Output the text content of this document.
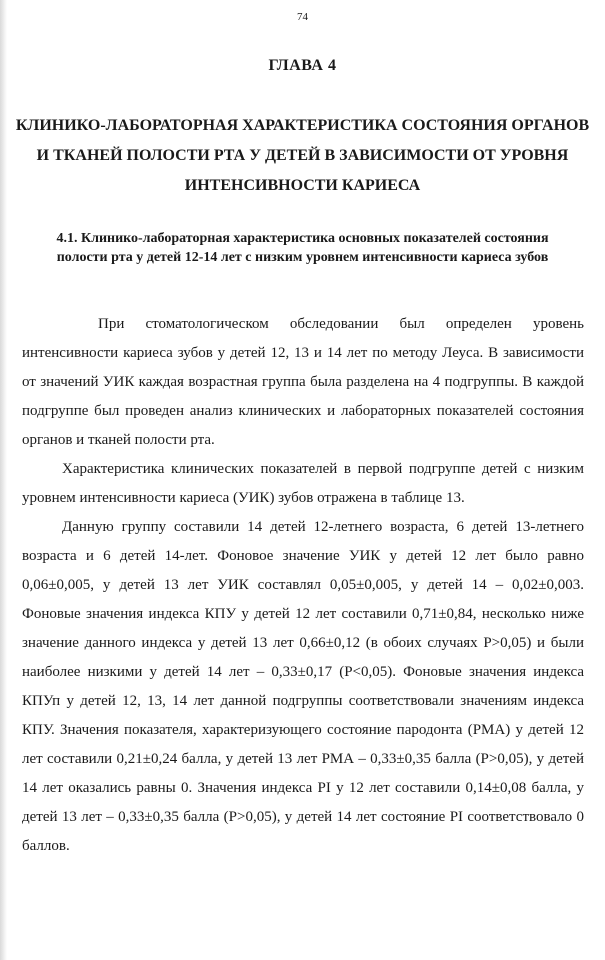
74
ГЛАВА 4
КЛИНИКО-ЛАБОРАТОРНАЯ ХАРАКТЕРИСТИКА СОСТОЯНИЯ ОРГАНОВ И ТКАНЕЙ ПОЛОСТИ РТА У ДЕТЕЙ В ЗАВИСИМОСТИ ОТ УРОВНЯ ИНТЕНСИВНОСТИ КАРИЕСА
4.1. Клинико-лабораторная характеристика основных показателей состояния полости рта у детей 12-14 лет с низким уровнем интенсивности кариеса зубов

При стоматологическом обследовании был определен уровень интенсивности кариеса зубов у детей 12, 13 и 14 лет по методу Леуса. В зависимости от значений УИК каждая возрастная группа была разделена на 4 подгруппы. В каждой подгруппе был проведен анализ клинических и лабораторных показателей состояния органов и тканей полости рта.

Характеристика клинических показателей в первой подгруппе детей с низким уровнем интенсивности кариеса (УИК) зубов отражена в таблице 13.

Данную группу составили 14 детей 12-летнего возраста, 6 детей 13-летнего возраста и 6 детей 14-лет. Фоновое значение УИК у детей 12 лет было равно 0,06±0,005, у детей 13 лет УИК составлял 0,05±0,005, у детей 14 – 0,02±0,003. Фоновые значения индекса КПУ у детей 12 лет составили 0,71±0,84, несколько ниже значение данного индекса у детей 13 лет 0,66±0,12 (в обоих случаях P>0,05) и были наиболее низкими у детей 14 лет – 0,33±0,17 (P<0,05). Фоновые значения индекса КПУп у детей 12, 13, 14 лет данной подгруппы соответствовали значениям индекса КПУ. Значения показателя, характеризующего состояние пародонта (РМА) у детей 12 лет составили 0,21±0,24 балла, у детей 13 лет РМА – 0,33±0,35 балла (P>0,05), у детей 14 лет оказались равны 0. Значения индекса PI у 12 лет составили 0,14±0,08 балла, у детей 13 лет – 0,33±0,35 балла (P>0,05), у детей 14 лет состояние PI соответствовало 0 баллов.
